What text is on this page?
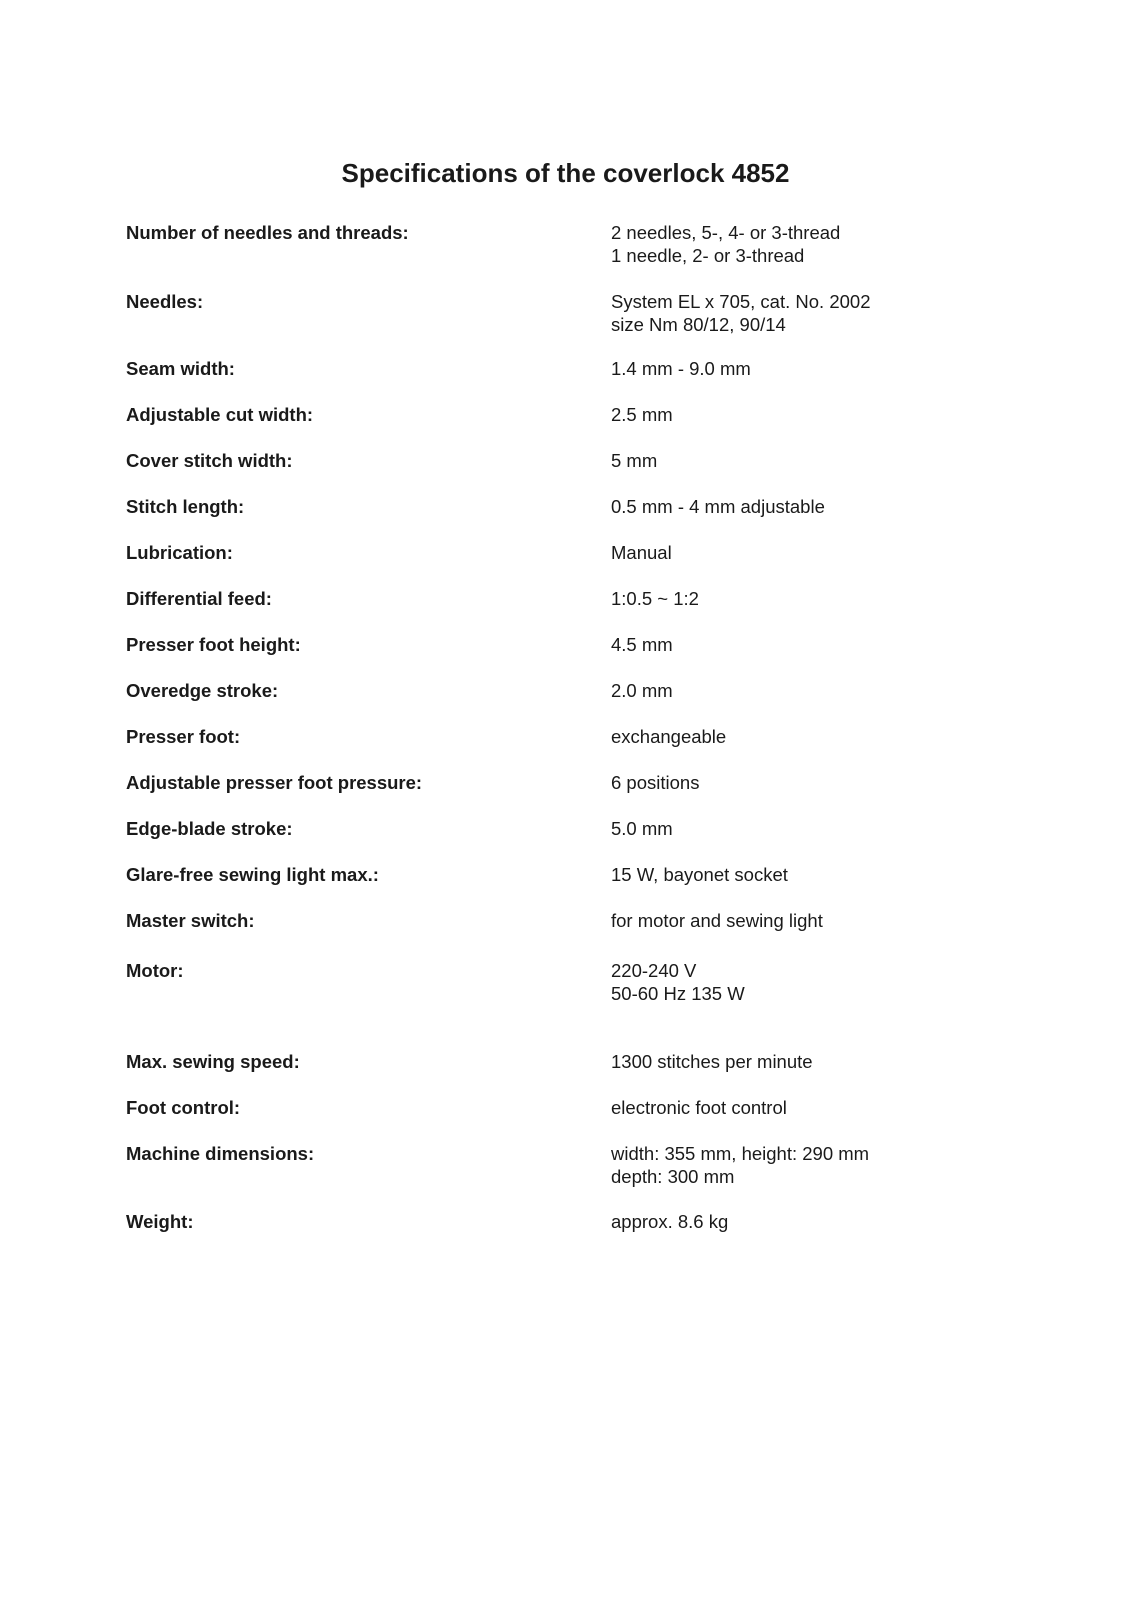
Specifications of the coverlock 4852
Number of needles and threads:	2 needles, 5-, 4- or 3-thread
1 needle, 2- or 3-thread
Needles:	System EL x 705, cat. No. 2002
size Nm 80/12, 90/14
Seam width:	1.4 mm - 9.0 mm
Adjustable cut width:	2.5 mm
Cover stitch width:	5 mm
Stitch length:	0.5 mm - 4 mm adjustable
Lubrication:	Manual
Differential feed:	1:0.5 ~ 1:2
Presser foot height:	4.5 mm
Overedge stroke:	2.0 mm
Presser foot:	exchangeable
Adjustable presser foot pressure:	6 positions
Edge-blade stroke:	5.0 mm
Glare-free sewing light max.:	15 W, bayonet socket
Master switch:	for motor and sewing light
Motor:	220-240 V
50-60 Hz 135 W
Max. sewing speed:	1300 stitches per minute
Foot control:	electronic foot control
Machine dimensions:	width: 355 mm, height: 290 mm
depth: 300 mm
Weight:	approx. 8.6 kg
